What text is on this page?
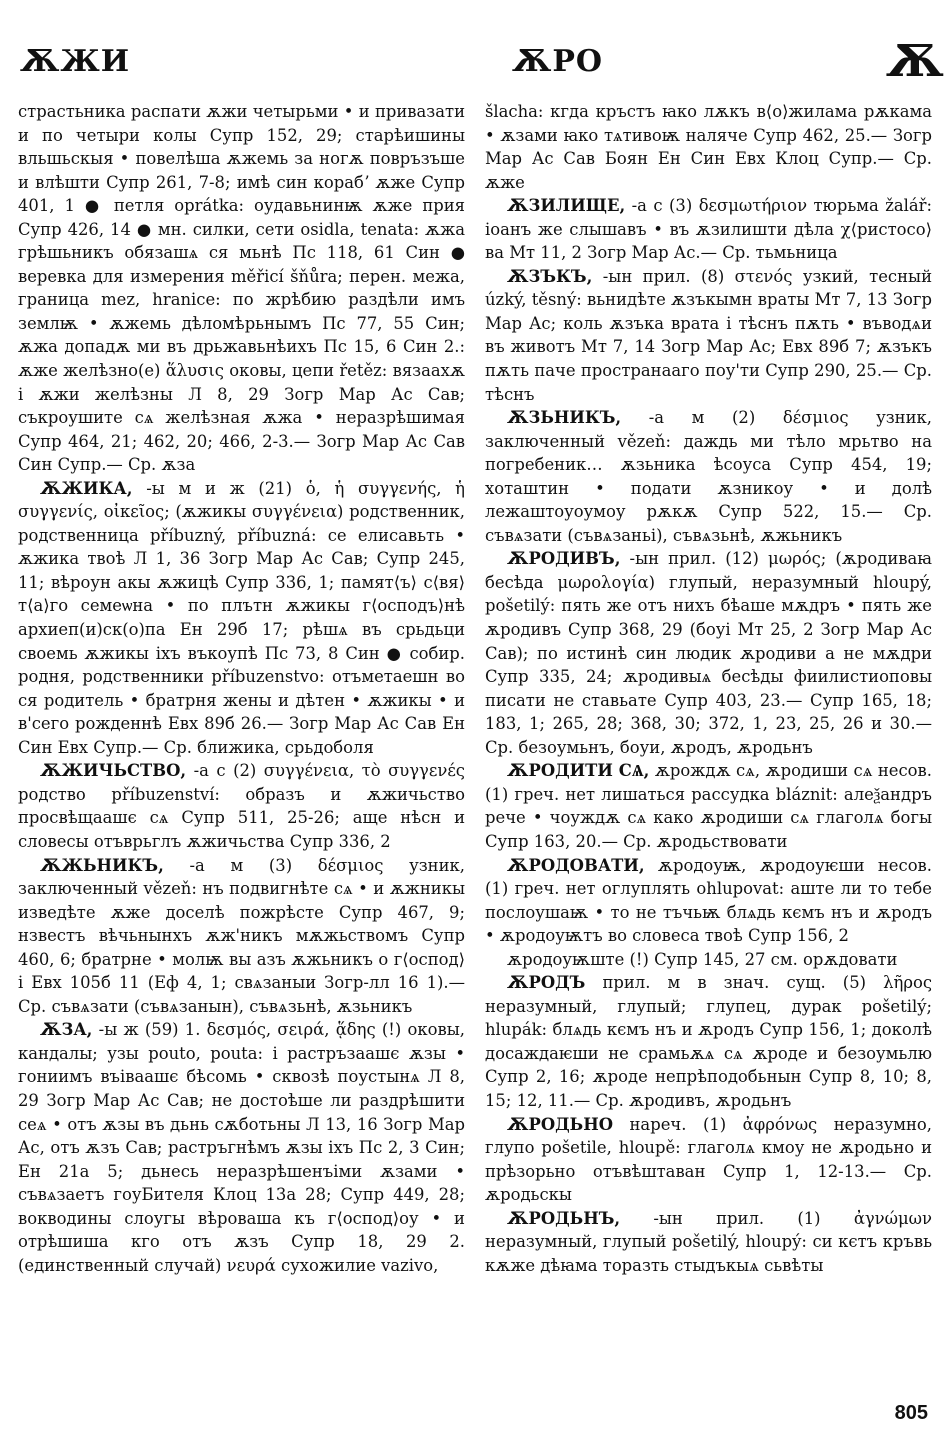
ѪЖИ	ѪРО	Ѫ

страстьника распати ѫжи четырьми • и привазати и по четыри колы Супр 152, 29; старѣишины вльшьскыя • повелѣша ѫжемь за ногѫ повръзъше и влѣшти Супр 261, 7-8; имѣ син корабʼ ѫже Супр 401, 1 ● петля oprátka: оудавьнинѭ ѫже прия Супр 426, 14 ● мн. силки, сети osidla, tenata: ѫжа грѣшьникъ обязашѧ ся мьнѣ Пс 118, 61 Син ● веревка для измерения měřicí šňůra; перен. межа, граница mez, hranice: по жрѣбию раздѣли имъ землѭ • ѫжемь дѣломѣрьнымъ Пс 77, 55 Син; ѫжа допадѫ ми въ дрьжавьнѣихъ Пс 15, 6 Син 2.: ѫже желѣзно(е) ἅλυσις оковы, цепи řetěz: вязаахѫ і ѫжи желѣзны Л 8, 29 Зогр Мар Ас Сав; съкроушите сѧ желѣзная ѫжа • неразрѣшимая Супр 464, 21; 462, 20; 466, 2-3.— Зогр Мар Ас Сав Син Супр.— Ср. ѫза

ѪЖИКА, -ы м и ж (21) ὁ, ἡ συγγενής, ἡ συγγενίς, οἰκεῖος; (ѫжикы συγγένεια) родственник, родственница příbuzný, příbuzná: се елисавьть • ѫжика твоѣ Л 1, 36 Зогр Мар Ас Сав; Супр 245, 11; вѣроун акы ѫжицѣ Супр 336, 1; памят⟨ъ⟩ с⟨вя⟩т⟨а⟩го семеѡна • по плътн ѫжикы г⟨осподъ⟩нѣ архиеп(и)ск(о)па Ен 29б 17; рѣшѧ въ срьдьци своемь ѫжикы іхъ въкоупѣ Пс 73, 8 Син ● собир. родня, родственники příbuzenstvo: отъметаешн во ся родитель • братрня жены и дѣтен • ѫжикы • и в'сего рожденнѣ Евх 89б 26.— Зогр Мар Ас Сав Ен Син Евх Супр.— Ср. ближика, срьдоболя

ѪЖИЧЬСТВО, -а с (2) συγγένεια, τὸ συγγενές родство příbuzenství: образъ и ѫжичьство просвѣщаашє сѧ Супр 511, 25-26; аще нѣсн и словесы отъврьглъ ѫжичьства Супр 336, 2

ѪЖЬНИКЪ, -а м (3) δέσμιος узник, заключенный vězeň: нъ подвигнѣте сѧ • и ѫжникы изведѣте ѫже доселѣ пожрѣсте Супр 467, 9; нзвестъ вѣчьнынхъ ѫж'никъ мѫжьствомъ Супр 460, 6; братрне • молѭ вы азъ ѫжьникъ о г⟨оспод⟩і Евх 105б 11 (Еф 4, 1; свѧзаныи Зогр-лл 16 1).— Ср. съвѧзати (съвѧзанын), съвѧзьнѣ, ѫзьникъ

ѪЗА, -ы ж (59) 1. δεσμός, σειρά, ᾅδης (!) оковы, кандалы; узы pouto, pouta: і растръзаашє ѫзы • гониимъ въіваашє бѣсомь • сквозѣ поустынѧ Л 8, 29 Зогр Мар Ас Сав; не достоѣше ли раздрѣшити сеѧ • отъ ѫзы въ дьнь сѫботьны Л 13, 16 Зогр Мар Ас, отъ ѫзъ Сав; растръгнѣмъ ѫзы іхъ Пс 2, 3 Син; Ен 21а 5; дьнесь неразрѣшенъіми ѫзами • съвѧзаетъ гоуБителя Клоц 13а 28; Супр 449, 28; вокводины слоугы вѣроваша къ г⟨оспод⟩оу • и отрѣшиша кго отъ ѫзъ Супр 18, 29 2. (единственный случай) νευρά сухожилие vazivo,

šlacha: кгда кръстъ ꙗко лѫкъ в⟨о⟩жилама рѫкама • ѫзами ꙗко тѧтивоѭ наляче Супр 462, 25.— Зогр Мар Ас Сав Боян Ен Син Евх Клоц Супр.— Ср. ѫже

ѪЗИЛИЩЕ, -а с (3) δεσμωτήριον тюрьма žalář: іоанъ же слышавъ • въ ѫзилишти дѣла χ⟨ристосо⟩ва Мт 11, 2 Зогр Мар Ас.— Ср. тьмьница

ѪЗЪКЪ, -ын прил. (8) στενός узкий, тесный úzký, těsný: вьнидѣте ѫзъкымн враты Мт 7, 13 Зогр Мар Ас; коль ѫзъка врата і тѣснъ пѫть • въводѧи въ животъ Мт 7, 14 Зогр Мар Ас; Евх 89б 7; ѫзъкъ пѫть паче пространааго поу'ти Супр 290, 25.— Ср. тѣснъ

ѪЗЬНИКЪ, -а м (2) δέσμιος узник, заключенный vězeň: даждь ми тѣло мрьтво на погребеник… ѫзьника ѣсоуса Супр 454, 19; хоташтин • подати ѫзникоу • и долѣ лежаштоуоумоу рѫкѫ Супр 522, 15.— Ср. съвѧзати (съвѧзаньі), съвѧзьнѣ, ѫжьникъ

ѪРОДИВЪ, -ын прил. (12) μωρός; (ѫродиваꙗ бесѣда μωρολογία) глупый, неразумный hloupý, pošetilý: пять же отъ нихъ бѣаше мѫдръ • пять же ѫродивъ Супр 368, 29 (боуі Мт 25, 2 Зогр Мар Ас Сав); по истинѣ син людик ѫродиви а не мѫдри Супр 335, 24; ѫродивыѧ бесѣды фиилистиоповы писати не ставьате Супр 403, 23.— Супр 165, 18; 183, 1; 265, 28; 368, 30; 372, 1, 23, 25, 26 и 30.— Ср. безоумьнъ, боуи, ѫродъ, ѫродьнъ

ѪРОДИТИ СѦ, ѫрождѫ сѧ, ѫродиши сѧ несов. (1) греч. нет лишаться рассудка bláznit: алеѯандръ рече • чоуждѫ сѧ како ѫродиши сѧ глаголѧ богы Супр 163, 20.— Ср. ѫродьствовати

ѪРОДОВАТИ, ѫродоуѭ, ѫродоуѥши несов. (1) греч. нет оглуплять ohlupovat: аште ли то тебе послоушаѭ • то не тъчьѭ блѧдь кємъ нъ и ѫродъ • ѫродоуѭтъ во словеса твоѣ Супр 156, 2

ѫродоуѭште (!) Супр 145, 27 см. орѫдовати

ѪРОДЪ прил. м в знач. сущ. (5) λῆρος неразумный, глупый; глупец, дурак pošetilý; hlupák: блѧдь кємъ нъ и ѫродъ Супр 156, 1; доколѣ досаждаѥши не срамьѫѧ сѧ ѫроде и безоумьлю Супр 2, 16; ѫроде непрѣподобьнын Супр 8, 10; 8, 15; 12, 11.— Ср. ѫродивъ, ѫродьнъ

ѪРОДЬНО нареч. (1) ἀφρόνως неразумно, глупо pošetile, hloupě: глаголѧ кмоу не ѫродьно и прѣзорьно отъвѣштаван Супр 1, 12-13.— Ср. ѫродьскы

ѪРОДЬНЪ, -ын прил. (1) ἀγνώμων неразумный, глупый pošetilý, hloupý: си кєтъ кръвь кѫже дѣꙗма торазть стыдъкыѧ сьвѣты

805
